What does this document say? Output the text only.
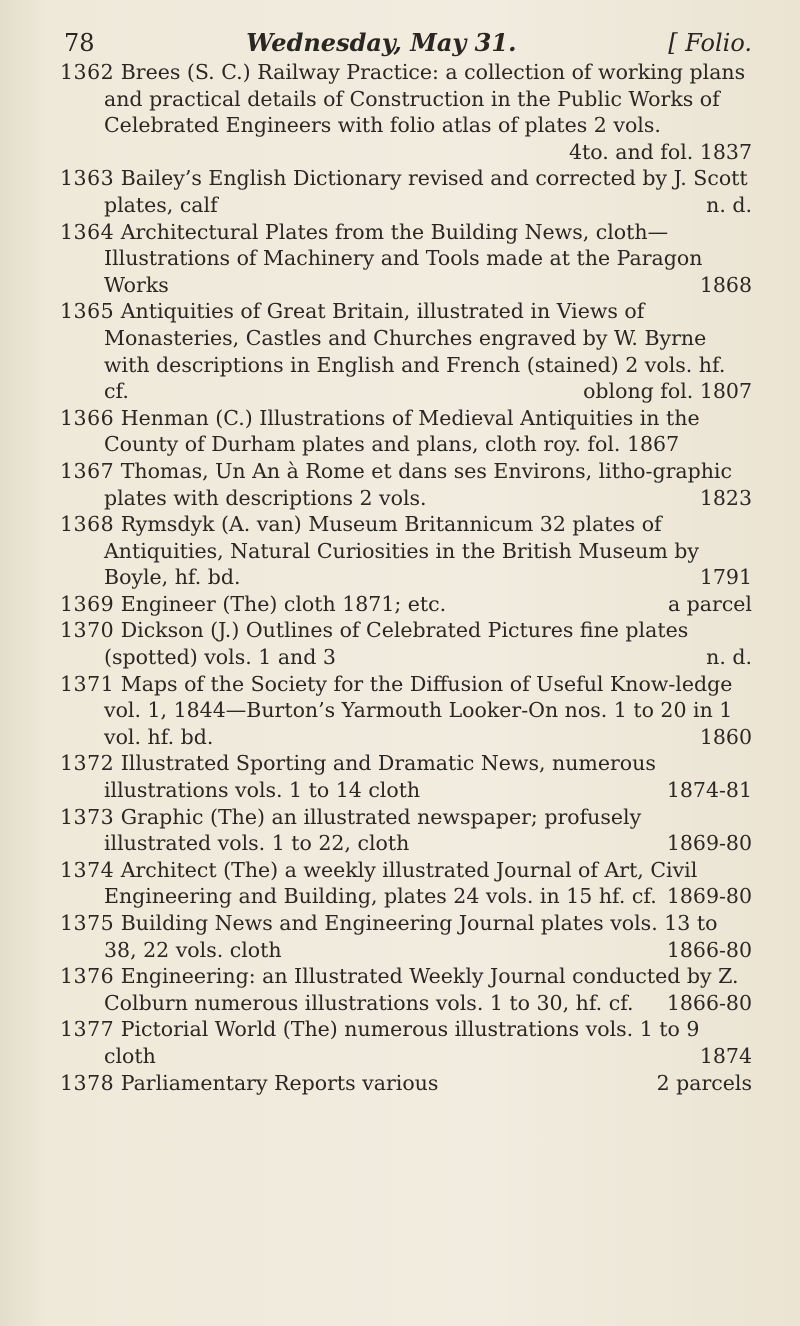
78	Wednesday, May 31.	[ Folio.
1362 Brees (S. C.) Railway Practice: a collection of working plans and practical details of Construction in the Public Works of Celebrated Engineers with folio atlas of plates 2 vols.
4to. and fol. 1837
1363 Bailey’s English Dictionary revised and corrected by J. Scott plates, calf	n. d.
1364 Architectural Plates from the Building News, cloth— Illustrations of Machinery and Tools made at the Paragon Works	1868
1365 Antiquities of Great Britain, illustrated in Views of Monasteries, Castles and Churches engraved by W. Byrne with descriptions in English and French (stained) 2 vols. hf. cf.	oblong fol. 1807
1366 Henman (C.) Illustrations of Medieval Antiquities in the County of Durham plates and plans, cloth roy. fol. 1867
1367 Thomas, Un An à Rome et dans ses Environs, litho-graphic plates with descriptions 2 vols.	1823
1368 Rymsdyk (A. van) Museum Britannicum 32 plates of Antiquities, Natural Curiosities in the British Museum by Boyle, hf. bd.	1791
1369 Engineer (The) cloth 1871; etc.	a parcel
1370 Dickson (J.) Outlines of Celebrated Pictures fine plates (spotted) vols. 1 and 3	n. d.
1371 Maps of the Society for the Diffusion of Useful Know-ledge vol. 1, 1844—Burton’s Yarmouth Looker-On nos. 1 to 20 in 1 vol. hf. bd.	1860
1372 Illustrated Sporting and Dramatic News, numerous illustrations vols. 1 to 14 cloth	1874-81
1373 Graphic (The) an illustrated newspaper; profusely illustrated vols. 1 to 22, cloth	1869-80
1374 Architect (The) a weekly illustrated Journal of Art, Civil Engineering and Building, plates 24 vols. in 15 hf. cf. 1869-80
1375 Building News and Engineering Journal plates vols. 13 to 38, 22 vols. cloth	1866-80
1376 Engineering: an Illustrated Weekly Journal conducted by Z. Colburn numerous illustrations vols. 1 to 30, hf. cf. 1866-80
1377 Pictorial World (The) numerous illustrations vols. 1 to 9 cloth	1874
1378 Parliamentary Reports various	2 parcels
